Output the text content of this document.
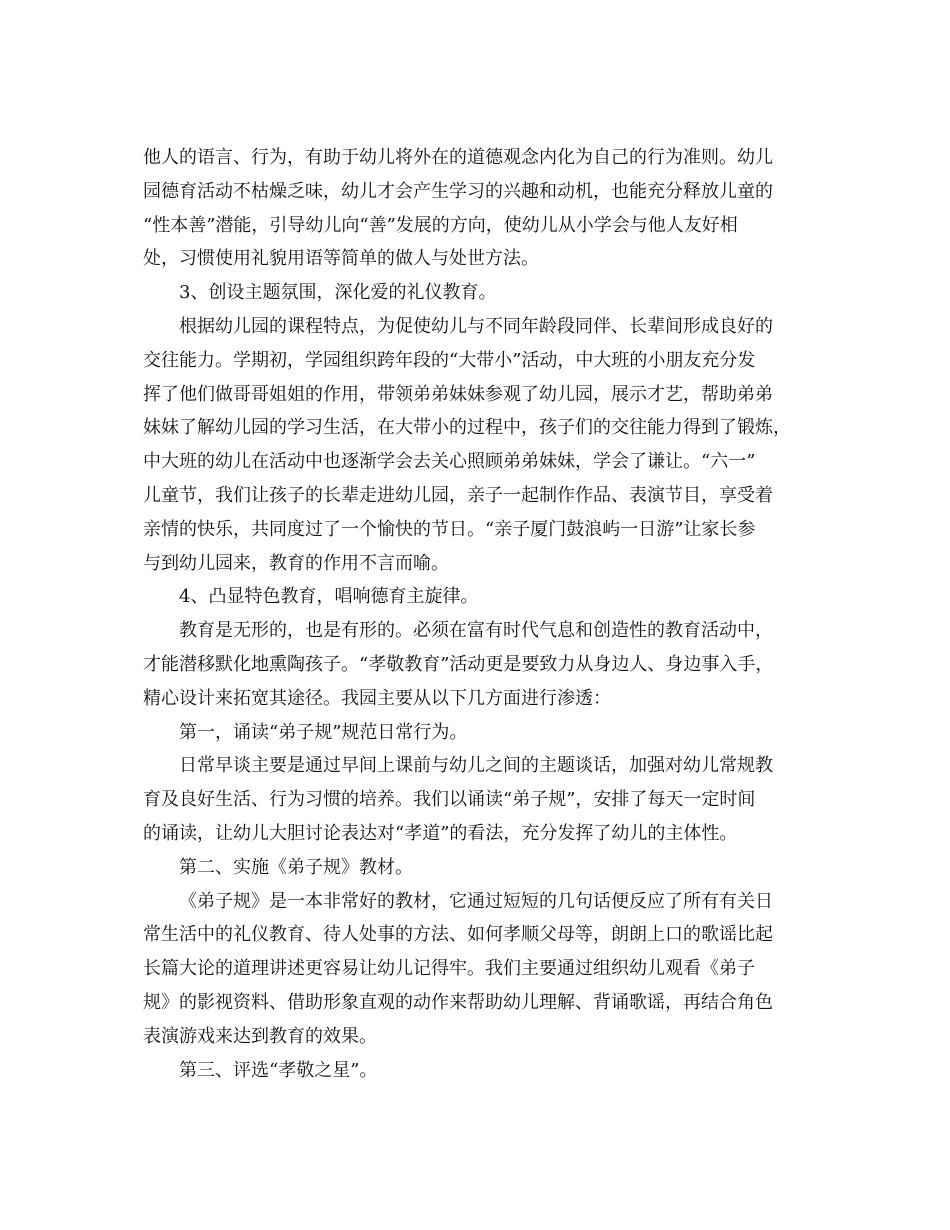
他人的语言、行为，有助于幼儿将外在的道德观念内化为自己的行为准则。幼儿
园德育活动不枯燥乏味，幼儿才会产生学习的兴趣和动机，也能充分释放儿童的
“性本善”潜能，引导幼儿向“善”发展的方向，使幼儿从小学会与他人友好相
处，习惯使用礼貌用语等简单的做人与处世方法。
3、创设主题氛围，深化爱的礼仪教育。
根据幼儿园的课程特点，为促使幼儿与不同年龄段同伴、长辈间形成良好的
交往能力。学期初，学园组织跨年段的“大带小”活动，中大班的小朋友充分发
挥了他们做哥哥姐姐的作用，带领弟弟妹妹参观了幼儿园，展示才艺，帮助弟弟
妹妹了解幼儿园的学习生活，在大带小的过程中，孩子们的交往能力得到了锻炼，
中大班的幼儿在活动中也逐渐学会去关心照顾弟弟妹妹，学会了谦让。“六一”
儿童节，我们让孩子的长辈走进幼儿园，亲子一起制作作品、表演节目，享受着
亲情的快乐，共同度过了一个愉快的节日。“亲子厦门鼓浪屿一日游”让家长参
与到幼儿园来，教育的作用不言而喻。
4、凸显特色教育，唱响德育主旋律。
教育是无形的，也是有形的。必须在富有时代气息和创造性的教育活动中，
才能潜移默化地熏陶孩子。“孝敬教育”活动更是要致力从身边人、身边事入手，
精心设计来拓宽其途径。我园主要从以下几方面进行渗透：
第一，诵读“弟子规”规范日常行为。
日常早谈主要是通过早间上课前与幼儿之间的主题谈话，加强对幼儿常规教
育及良好生活、行为习惯的培养。我们以诵读“弟子规”，安排了每天一定时间
的诵读，让幼儿大胆讨论表达对“孝道”的看法，充分发挥了幼儿的主体性。
第二、实施《弟子规》教材。
《弟子规》是一本非常好的教材，它通过短短的几句话便反应了所有有关日
常生活中的礼仪教育、待人处事的方法、如何孝顺父母等，朗朗上口的歌谣比起
长篇大论的道理讲述更容易让幼儿记得牢。我们主要通过组织幼儿观看《弟子
规》的影视资料、借助形象直观的动作来帮助幼儿理解、背诵歌谣，再结合角色
表演游戏来达到教育的效果。
第三、评选“孝敬之星”。
